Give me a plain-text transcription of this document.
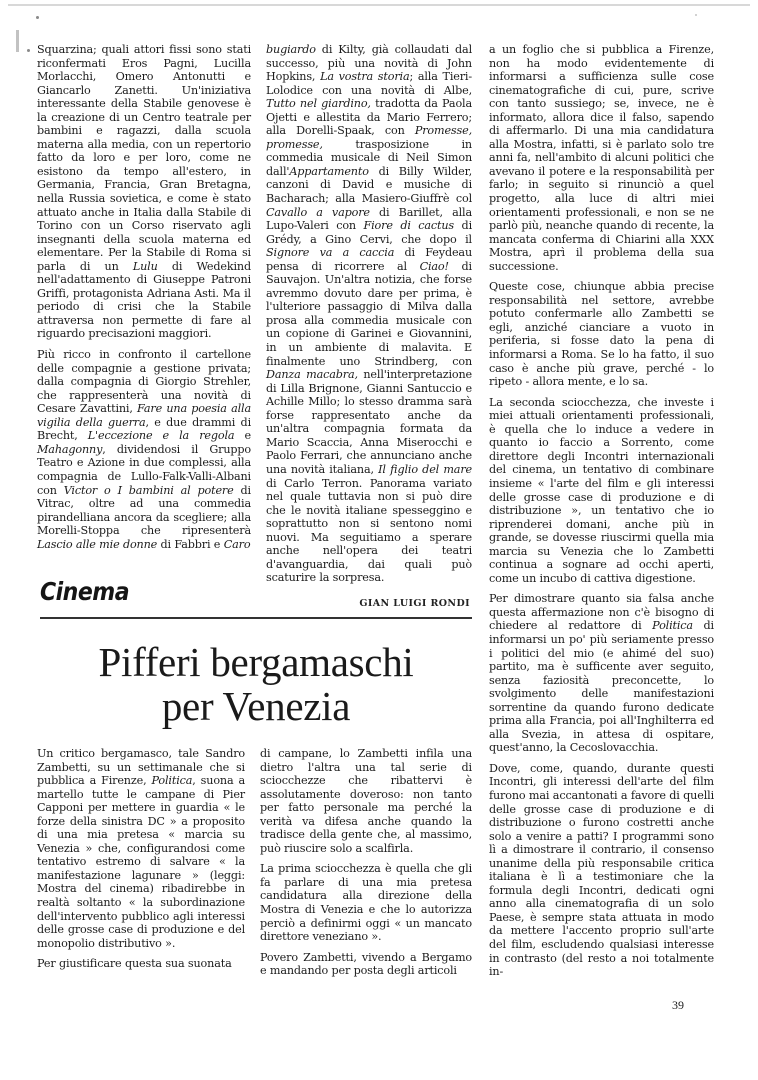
Squarzina; quali attori fissi sono stati riconfermati Eros Pagni, Lucilla Morlacchi, Omero Antonutti e Giancarlo Zanetti. Un'iniziativa interessante della Stabile genovese è la creazione di un Centro teatrale per bambini e ragazzi, dalla scuola materna alla media, con un repertorio fatto da loro e per loro, come ne esistono da tempo all'estero, in Germania, Francia, Gran Bretagna, nella Russia sovietica, e come è stato attuato anche in Italia dalla Stabile di Torino con un Corso riservato agli insegnanti della scuola materna ed elementare. Per la Stabile di Roma si parla di un Lulu di Wedekind nell'adattamento di Giuseppe Patroni Griffi, protagonista Adriana Asti. Ma il periodo di crisi che la Stabile attraversa non permette di fare al riguardo precisazioni maggiori.

Più ricco in confronto il cartellone delle compagnie a gestione privata; dalla compagnia di Giorgio Strehler, che rappresenterà una novità di Cesare Zavattini, Fare una poesia alla vigilia della guerra, e due drammi di Brecht, L'eccezione e la regola e Mahagonny, dividendosi il Gruppo Teatro e Azione in due complessi, alla compagnia de Lullo-Falk-Valli-Albani con Victor o I bambini al potere di Vitrac, oltre ad una commedia pirandelliana ancora da scegliere; alla Morelli-Stoppa che ripresenterà Lascio alle mie donne di Fabbri e Caro

bugiardo di Kilty, già collaudati dal successo, più una novità di John Hopkins, La vostra storia; alla Tieri-Lolodice con una novità di Albe, Tutto nel giardino, tradotta da Paola Ojetti e allestita da Mario Ferrero; alla Dorelli-Spaak, con Promesse, promesse, trasposizione in commedia musicale di Neil Simon dall'Appartamento di Billy Wilder, canzoni di David e musiche di Bacharach; alla Masiero-Giuffrè col Cavallo a vapore di Barillet, alla Lupo-Valeri con Fiore di cactus di Grédy, a Gino Cervi, che dopo il Signore va a caccia di Feydeau pensa di ricorrere al Ciao! di Sauvajon. Un'altra notizia, che forse avremmo dovuto dare per prima, è l'ulteriore passaggio di Milva dalla prosa alla commedia musicale con un copione di Garinei e Giovannini, in un ambiente di malavita. E finalmente uno Strindberg, con Danza macabra, nell'interpretazione di Lilla Brignone, Gianni Santuccio e Achille Millo; lo stesso dramma sarà forse rappresentato anche da un'altra compagnia formata da Mario Scaccia, Anna Miserocchi e Paolo Ferrari, che annunciano anche una novità italiana, Il figlio del mare di Carlo Terron. Panorama variato nel quale tuttavia non si può dire che le novità italiane spesseggino e soprattutto non si sentono nomi nuovi. Ma seguitiamo a sperare anche nell'opera dei teatri d'avanguardia, dai quali può scaturire la sorpresa.

a un foglio che si pubblica a Firenze, non ha modo evidentemente di informarsi a sufficienza sulle cose cinematografiche di cui, pure, scrive con tanto sussiego; se, invece, ne è informato, allora dice il falso, sapendo di affermarlo. Di una mia candidatura alla Mostra, infatti, si è parlato solo tre anni fa, nell'ambito di alcuni politici che avevano il potere e la responsabilità per farlo; in seguito si rinunciò a quel progetto, alla luce di altri miei orientamenti professionali, e non se ne parlò più, neanche quando di recente, la mancata conferma di Chiarini alla XXX Mostra, aprì il problema della sua successione.

Queste cose, chiunque abbia precise responsabilità nel settore, avrebbe potuto confermarle allo Zambetti se egli, anziché cianciare a vuoto in periferia, si fosse dato la pena di informarsi a Roma. Se lo ha fatto, il suo caso è anche più grave, perché - lo ripeto - allora mente, e lo sa.

La seconda sciocchezza, che investe i miei attuali orientamenti professionali, è quella che lo induce a vedere in quanto io faccio a Sorrento, come direttore degli Incontri internazionali del cinema, un tentativo di combinare insieme « l'arte del film e gli interessi delle grosse case di produzione e di distribuzione », un tentativo che io riprenderei domani, anche più in grande, se dovesse riuscirmi quella mia marcia su Venezia che lo Zambetti continua a sognare ad occhi aperti, come un incubo di cattiva digestione.

Per dimostrare quanto sia falsa anche questa affermazione non c'è bisogno di chiedere al redattore di Politica di informarsi un po' più seriamente presso i politici del mio (e ahimé del suo) partito, ma è sufficente aver seguito, senza faziosità preconcette, lo svolgimento delle manifestazioni sorrentine da quando furono dedicate prima alla Francia, poi all'Inghilterra ed alla Svezia, in attesa di ospitare, quest'anno, la Cecoslovacchia.

Dove, come, quando, durante questi Incontri, gli interessi dell'arte del film furono mai accantonati a favore di quelli delle grosse case di produzione e di distribuzione o furono costretti anche solo a venire a patti? I programmi sono lì a dimostrare il contrario, il consenso unanime della più responsabile critica italiana è lì a testimoniare che la formula degli Incontri, dedicati ogni anno alla cinematografia di un solo Paese, è sempre stata attuata in modo da mettere l'accento proprio sull'arte del film, escludendo qualsiasi interesse in contrasto (del resto a noi totalmente in-

Cinema	GIAN LUIGI RONDI
Pifferi bergamaschi
per Venezia

Un critico bergamasco, tale Sandro Zambetti, su un settimanale che si pubblica a Firenze, Politica, suona a martello tutte le campane di Pier Capponi per mettere in guardia « le forze della sinistra DC » a proposito di una mia pretesa « marcia su Venezia » che, configurandosi come tentativo estremo di salvare « la manifestazione lagunare » (leggi: Mostra del cinema) ribadirebbe in realtà soltanto « la subordinazione dell'intervento pubblico agli interessi delle grosse case di produzione e del monopolio distributivo ».

Per giustificare questa sua suonata

di campane, lo Zambetti infila una dietro l'altra una tal serie di sciocchezze che ribattervi è assolutamente doveroso: non tanto per fatto personale ma perché la verità va difesa anche quando la tradisce della gente che, al massimo, può riuscire solo a scalfirla.

La prima sciocchezza è quella che gli fa parlare di una mia pretesa candidatura alla direzione della Mostra di Venezia e che lo autorizza perciò a definirmi oggi « un mancato direttore veneziano ».

Povero Zambetti, vivendo a Bergamo e mandando per posta degli articoli

39
